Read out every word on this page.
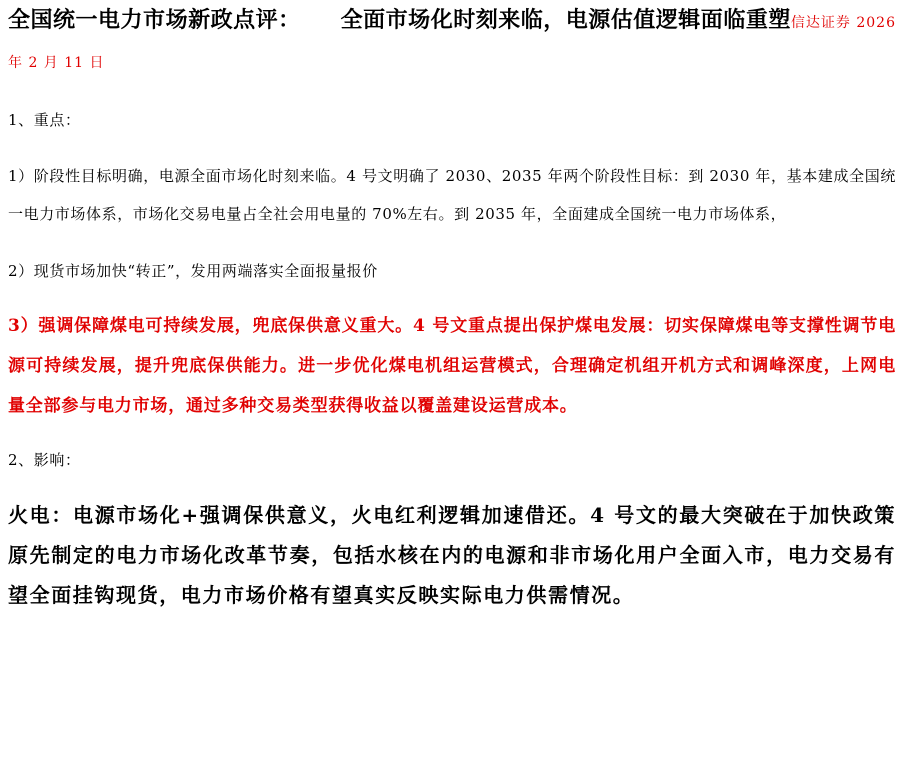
全国统一电力市场新政点评： 全面市场化时刻来临，电源估值逻辑面临重塑信达证券 2026 年 2 月 11 日
1、重点：
1）阶段性目标明确，电源全面市场化时刻来临。4 号文明确了 2030、2035 年两个阶段性目标：到 2030 年，基本建成全国统一电力市场体系，市场化交易电量占全社会用电量的 70%左右。到 2035 年，全面建成全国统一电力市场体系，
2）现货市场加快“转正”，发用两端落实全面报量报价
3）强调保障煤电可持续发展，兜底保供意义重大。4 号文重点提出保护煤电发展：切实保障煤电等支撑性调节电源可持续发展，提升兜底保供能力。进一步优化煤电机组运营模式，合理确定机组开机方式和调峰深度，上网电量全部参与电力市场，通过多种交易类型获得收益以覆盖建设运营成本。
2、影响：
火电：电源市场化+强调保供意义，火电红利逻辑加速借还。4 号文的最大突破在于加快政策原先制定的电力市场化改革节奏，包括水核在内的电源和非市场化用户全面入市，电力交易有望全面挂钩现货，电力市场价格有望真实反映实际电力供需情况。
